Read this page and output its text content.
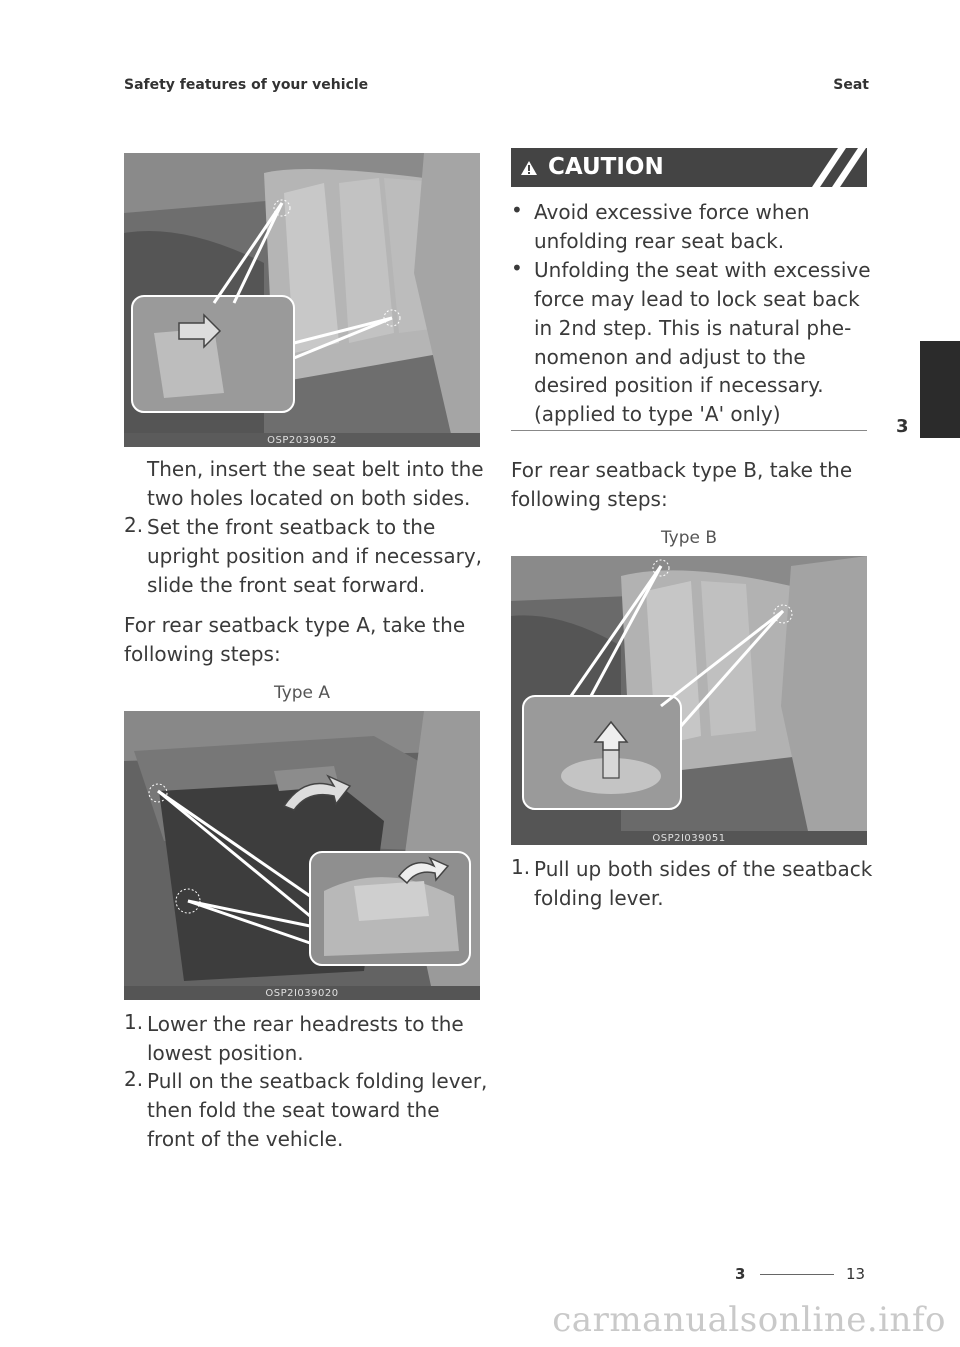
Safety features of your vehicle	Seat
3
OSP2039052
Then, insert the seat belt into the
two holes located on both sides.
2. Set the front seatback to the
upright position and if necessary,
slide the front seat forward.
For rear seatback type A, take the
following steps:
Type A
OSP2I039020
1. Lower the rear headrests to the
lowest position.
2. Pull on the seatback folding lever,
then fold the seat toward the
front of the vehicle.
CAUTION
• Avoid excessive force when
unfolding rear seat back.
• Unfolding the seat with excessive
force may lead to lock seat back
in 2nd step. This is natural phe-
nomenon and adjust to the
desired position if necessary.
(applied to type 'A' only)
For rear seatback type B, take the
following steps:
Type B
OSP2I039051
1. Pull up both sides of the seatback
folding lever.
3	13
carmanualsonline.info
